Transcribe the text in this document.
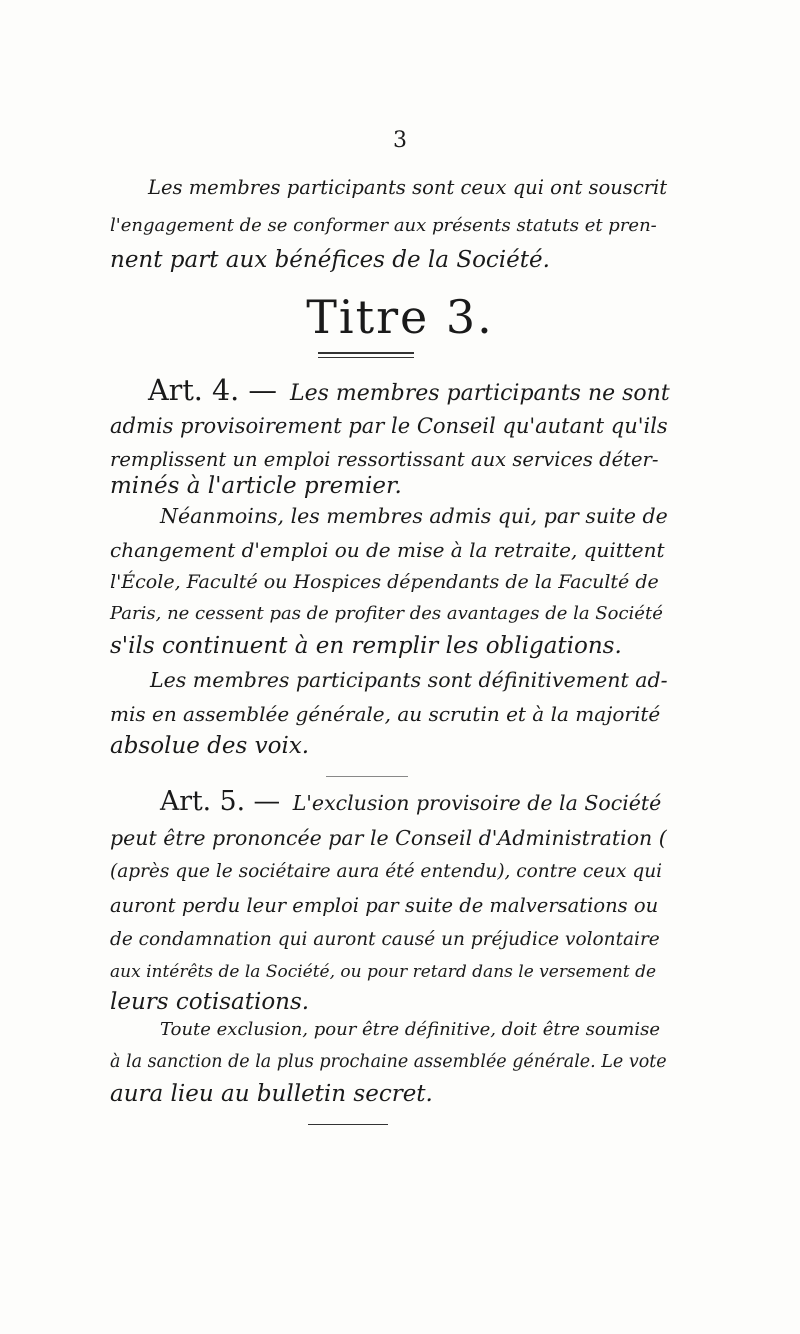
3
Les membres participants sont ceux qui ont souscrit
l'engagement de se conformer aux présents statuts et pren-
nent part aux bénéfices de la Société.
Titre 3.
Art. 4. — Les membres participants ne sont
admis provisoirement par le Conseil qu'autant qu'ils
remplissent un emploi ressortissant aux services déter-
minés à l'article premier.
Néanmoins, les membres admis qui, par suite de
changement d'emploi ou de mise à la retraite, quittent
l'École, Faculté ou Hospices dépendants de la Faculté de
Paris, ne cessent pas de profiter des avantages de la Société
s'ils continuent à en remplir les obligations.
Les membres participants sont définitivement ad-
mis en assemblée générale, au scrutin et à la majorité
absolue des voix.
Art. 5. — L'exclusion provisoire de la Société
peut être prononcée par le Conseil d'Administration (
(après que le sociétaire aura été entendu), contre ceux qui
auront perdu leur emploi par suite de malversations ou
de condamnation qui auront causé un préjudice volontaire
aux intérêts de la Société, ou pour retard dans le versement de
leurs cotisations.
Toute exclusion, pour être définitive, doit être soumise
à la sanction de la plus prochaine assemblée générale. Le vote
aura lieu au bulletin secret.
